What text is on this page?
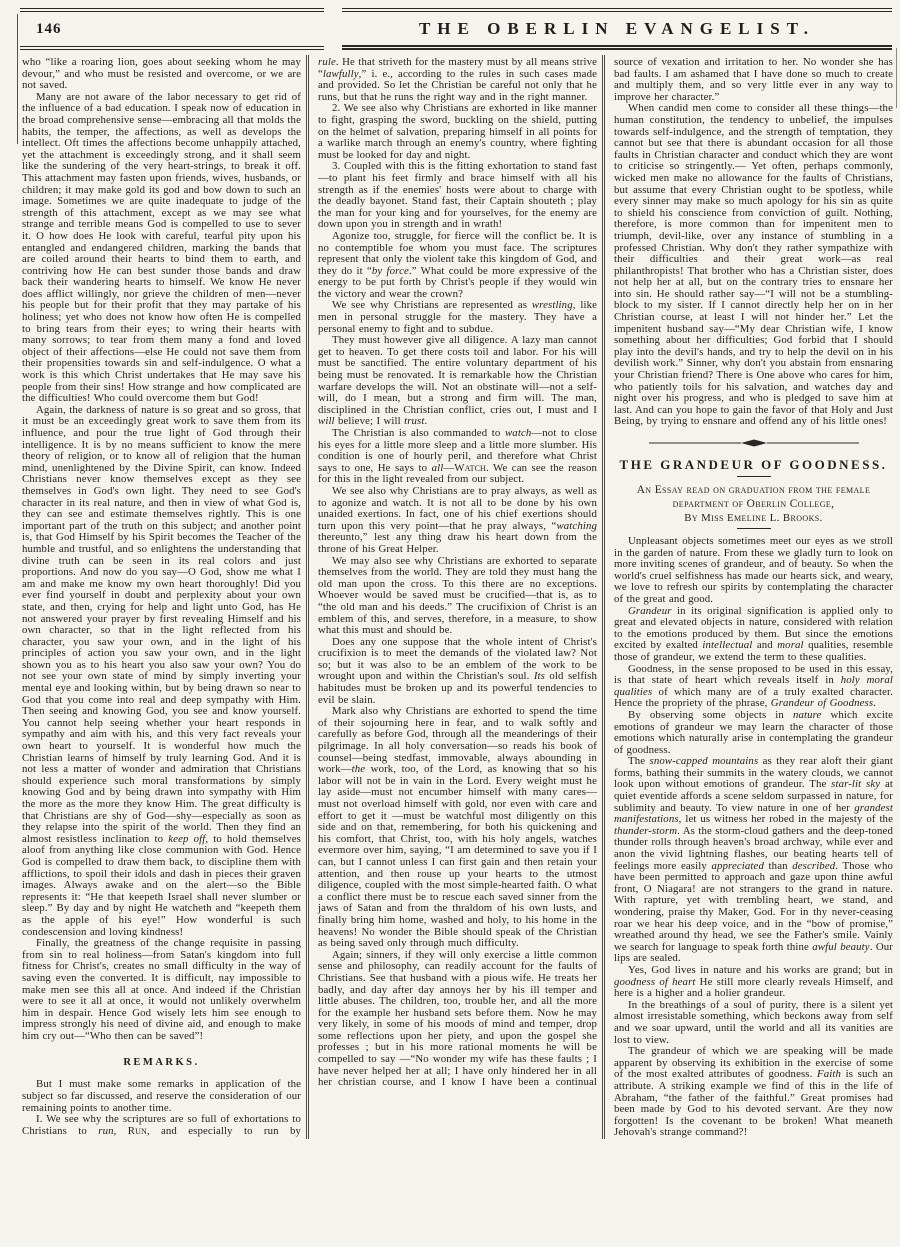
146	THE OBERLIN EVANGELIST.

who “like a roaring lion, goes about seeking whom he may devour,” and who must be resisted and overcome, or we are not saved.

Many are not aware of the labor necessary to get rid of the influence of a bad education. I speak now of education in the broad comprehensive sense—embracing all that molds the habits, the temper, the affections, as well as develops the intellect. Oft times the affections become unhappily attached, yet the attachment is exceedingly strong, and it shall seem like the sundering of the very heart-strings, to break it off. This attachment may fasten upon friends, wives, husbands, or children; it may make gold its god and bow down to such an image. Sometimes we are quite inadequate to judge of the strength of this attachment, except as we may see what strange and terrible means God is compelled to use to sever it. O how does He look with careful, tearful pity upon his entangled and endangered children, marking the bands that are coiled around their hearts to bind them to earth, and contriving how He can best sunder those bands and draw back their wandering hearts to himself. We know He never does afflict willingly, nor grieve the children of men—never his people but for their profit that they may partake of his holiness; yet who does not know how often He is compelled to bring tears from their eyes; to wring their hearts with many sorrows; to tear from them many a fond and loved object of their affections—else He could not save them from their propensities towards sin and self-indulgence. O what a work is this which Christ undertakes that He may save his people from their sins! How strange and how complicated are the difficulties! Who could overcome them but God!

Again, the darkness of nature is so great and so gross, that it must be an exceedingly great work to save them from its influence, and pour the true light of God through their intelligence. It is by no means sufficient to know the mere theory of religion, or to know all of religion that the human mind, unenlightened by the Divine Spirit, can know. Indeed Christians never know themselves except as they see themselves in God's own light. They need to see God's character in its real nature, and then in view of what God is, they can see and estimate themselves rightly. This is one important part of the truth on this subject; and another point is, that God Himself by his Spirit becomes the Teacher of the humble and trustful, and so enlightens the understanding that divine truth can be seen in its real colors and just proportions. And now do you say—O God, show me what I am and make me know my own heart thoroughly! Did you ever find yourself in doubt and perplexity about your own state, and then, crying for help and light unto God, has He not answered your prayer by first revealing Himself and his own character, so that in the light reflected from his character, you saw your own, and in the light of his principles of action you saw your own, and in the light shown you as to his heart you also saw your own? You do not see your own state of mind by simply inverting your mental eye and looking within, but by being drawn so near to God that you come into real and deep sympathy with Him. Then seeing and knowing God, you see and know yourself. You cannot help seeing whether your heart responds in sympathy and aim with his, and this very fact reveals your own heart to yourself. It is wonderful how much the Christian learns of himself by truly learning God. And it is not less a matter of wonder and admiration that Christians should experience such moral transformations by simply knowing God and by being drawn into sympathy with Him the more as the more they know Him. The great difficulty is that Christians are shy of God—shy—especially as soon as they relapse into the spirit of the world. Then they find an almost resistless inclination to keep off, to hold themselves aloof from anything like close communion with God. Hence God is compelled to draw them back, to discipline them with afflictions, to spoil their idols and dash in pieces their graven images. Always awake and on the alert—so the Bible represents it: “He that keepeth Israel shall never slumber or sleep.” By day and by night He watcheth and “keepeth them as the apple of his eye!” How wonderful is such condescension and loving kindness!

Finally, the greatness of the change requisite in passing from sin to real holiness—from Satan's kingdom into full fitness for Christ's, creates no small difficulty in the way of saving even the converted. It is difficult, nay impossible to make men see this all at once. And indeed if the Christian were to see it all at once, it would not unlikely overwhelm him in despair. Hence God wisely lets him see enough to impress strongly his need of divine aid, and enough to make him cry out—“Who then can be saved”!

REMARKS.

But I must make some remarks in application of the subject so far discussed, and reserve the consideration of our remaining points to another time.

I. We see why the scriptures are so full of exhortations to Christians to run, Run, and especially to run by

rule. He that striveth for the mastery must by all means strive “lawfully,” i. e., according to the rules in such cases made and provided. So let the Christian be careful not only that he runs, but that he runs the right way and in the right manner.

2. We see also why Christians are exhorted in like manner to fight, grasping the sword, buckling on the shield, putting on the helmet of salvation, preparing himself in all points for a warlike march through an enemy's country, where fighting must be looked for day and night.

3. Coupled with this is the fitting exhortation to stand fast—to plant his feet firmly and brace himself with all his strength as if the enemies' hosts were about to charge with the deadly bayonet. Stand fast, their Captain shouteth ; play the man for your king and for yourselves, for the enemy are down upon you in strength and in wrath!

Agonize too, struggle, for fierce will the conflict be. It is no contemptible foe whom you must face. The scriptures represent that only the violent take this kingdom of God, and they do it “by force.” What could be more expressive of the energy to be put forth by Christ's people if they would win the victory and wear the crown?

We see why Christians are represented as wrestling, like men in personal struggle for the mastery. They have a personal enemy to fight and to subdue.

They must however give all diligence. A lazy man cannot get to heaven. To get there costs toil and labor. For his will must be sanctified. The entire voluntary department of his being must be renovated. It is remarkable how the Christian warfare develops the will. Not an obstinate will—not a self-will, do I mean, but a strong and firm will. The man, disciplined in the Christian conflict, cries out, I must and I will believe; I will trust.

The Christian is also commanded to watch—not to close his eyes for a little more sleep and a little more slumber. His condition is one of hourly peril, and therefore what Christ says to one, He says to all—Watch. We can see the reason for this in the light revealed from our subject.

We see also why Christians are to pray always, as well as to agonize and watch. It is not all to be done by his own unaided exertions. In fact, one of his chief exertions should turn upon this very point—that he pray always, “watching thereunto,” lest any thing draw his heart down from the throne of his Great Helper.

We may also see why Christians are exhorted to separate themselves from the world. They are told they must hang the old man upon the cross. To this there are no exceptions. Whoever would be saved must be crucified—that is, as to “the old man and his deeds.” The crucifixion of Christ is an emblem of this, and serves, therefore, in a measure, to show what this must and should be.

Does any one suppose that the whole intent of Christ's crucifixion is to meet the demands of the violated law? Not so; but it was also to be an emblem of the work to be wrought upon and within the Christian's soul. Its old selfish habitudes must be broken up and its powerful tendencies to evil be slain.

Mark also why Christians are exhorted to spend the time of their sojourning here in fear, and to walk softly and carefully as before God, through all the meanderings of their pilgrimage. In all holy conversation—so reads his book of counsel—being stedfast, immovable, always abounding in work—the work, too, of the Lord, as knowing that so his labor will not be in vain in the Lord. Every weight must he lay aside—must not encumber himself with many cares—must not overload himself with gold, nor even with care and effort to get it —must be watchful most diligently on this side and on that, remembering, for both his quickening and his comfort, that Christ, too, with his holy angels, watches evermore over him, saying, “I am determined to save you if I can, but I cannot unless I can first gain and then retain your attention, and then rouse up your hearts to the utmost diligence, coupled with the most simple-hearted faith. O what a conflict there must be to rescue each saved sinner from the jaws of Satan and from the thraldom of his own lusts, and finally bring him home, washed and holy, to his home in the heavens! No wonder the Bible should speak of the Christian as being saved only through much difficulty.

Again; sinners, if they will only exercise a little common sense and philosophy, can readily account for the faults of Christians. See that husband with a pious wife. He treats her badly, and day after day annoys her by his ill temper and little abuses. The children, too, trouble her, and all the more for the example her husband sets before them. Now he may very likely, in some of his moods of mind and temper, drop some reflections upon her piety, and upon the gospel she professes ; but in his more rational moments he will be compelled to say —“No wonder my wife has these faults ; I have never helped her at all; I have only hindered her in all her christian course, and I know I have been a continual

source of vexation and irritation to her. No wonder she has bad faults. I am ashamed that I have done so much to create and multiply them, and so very little ever in any way to improve her character.”

When candid men come to consider all these things—the human constitution, the tendency to unbelief, the impulses towards self-indulgence, and the strength of temptation, they cannot but see that there is abundant occasion for all those faults in Christian character and conduct which they are wont to criticise so stringently.— Yet often, perhaps commonly, wicked men make no allowance for the faults of Christians, but assume that every Christian ought to be spotless, while every sinner may make so much apology for his sin as quite to shield his conscience from conviction of guilt. Nothing, therefore, is more common than for impenitent men to triumph, devil-like, over any instance of stumbling in a professed Christian. Why don't they rather sympathize with their difficulties and their great work—as real philanthropists! That brother who has a Christian sister, does not help her at all, but on the contrary tries to ensnare her into sin. He should rather say—“I will not be a stumbling-block to my sister. If I cannot directly help her on in her Christian course, at least I will not hinder her.” Let the impenitent husband say—“My dear Christian wife, I know something about her difficulties; God forbid that I should play into the devil's hands, and try to help the devil on in his devilish work.” Sinner, why don't you abstain from ensnaring your Christian friend? There is One above who cares for him, who patiently toils for his salvation, and watches day and night over his progress, and who is pledged to save him at last. And can you hope to gain the favor of that Holy and Just Being, by trying to ensnare and offend any of his little ones!

THE GRANDEUR OF GOODNESS.

An Essay read on graduation from the female

department of Oberlin College,

By Miss Emeline L. Brooks.

Unpleasant objects sometimes meet our eyes as we stroll in the garden of nature. From these we gladly turn to look on more inviting scenes of grandeur, and of beauty. So when the world's cruel selfishness has made our hearts sick, and weary, we love to refresh our spirits by contemplating the character of the great and good.

Grandeur in its original signification is applied only to great and elevated objects in nature, considered with relation to the emotions produced by them. But since the emotions excited by exalted intellectual and moral qualities, resemble those of grandeur, we extend the term to these qualities.

Goodness, in the sense proposed to be used in this essay, is that state of heart which reveals itself in holy moral qualities of which many are of a truly exalted character. Hence the propriety of the phrase, Grandeur of Goodness.

By observing some objects in nature which excite emotions of grandeur we may learn the character of those emotions which naturally arise in contemplating the grandeur of goodness.

The snow-capped mountains as they rear aloft their giant forms, bathing their summits in the watery clouds, we cannot look upon without emotions of grandeur. The star-lit sky at quiet eventide affords a scene seldom surpassed in nature, for sublimity and beauty. To view nature in one of her grandest manifestations, let us witness her robed in the majesty of the thunder-storm. As the storm-cloud gathers and the deep-toned thunder rolls through heaven's broad archway, while ever and anon the vivid lightning flashes, our beating hearts tell of feelings more easily appreciated than described. Those who have been permitted to approach and gaze upon thine awful front, O Niagara! are not strangers to the grand in nature. With rapture, yet with trembling heart, we stand, and wondering, praise thy Maker, God. For in thy never-ceasing roar we hear his deep voice, and in the “bow of promise,” wreathed around thy head, we see the Father's smile. Vainly we search for language to speak forth thine awful beauty. Our lips are sealed.

Yes, God lives in nature and his works are grand; but in goodness of heart He still more clearly reveals Himself, and here is a higher and a holier grandeur.

In the breathings of a soul of purity, there is a silent yet almost irresistable something, which beckons away from self and we soar upward, until the world and all its vanities are lost to view.

The grandeur of which we are speaking will be made apparent by observing its exhibition in the exercise of some of the most exalted attributes of goodness. Faith is such an attribute. A striking example we find of this in the life of Abraham, “the father of the faithful.” Great promises had been made by God to his devoted servant. Are they now forgotten! Is the covenant to be broken! What meaneth Jehovah's strange command?!
